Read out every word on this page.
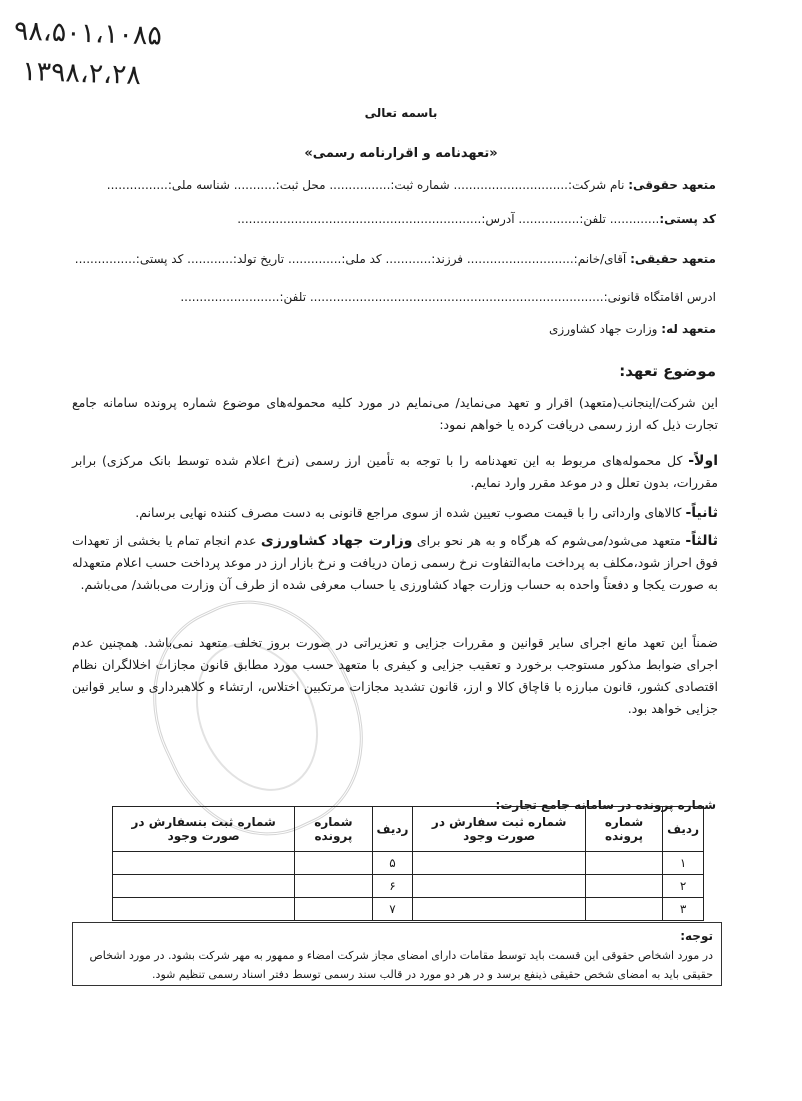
۹۸،۵۰۱،۱۰۸۵
۱۳۹۸،۲،۲۸
باسمه تعالی
«تعهدنامه و اقرارنامه رسمی»
متعهد حقوقی: نام شرکت:.............................. شماره ثبت:................ محل ثبت:........... شناسه ملی:................
کد پستی:............. تلفن:................ آدرس:................................................................
متعهد حقیقی: آقای/خانم:............................ فرزند:............ کد ملی:.............. تاریخ تولد:............ کد پستی:................
ادرس اقامتگاه قانونی:............................................................................. تلفن:..........................
متعهد له: وزارت جهاد کشاورزی
موضوع تعهد:

این شرکت/اینجانب(متعهد) اقرار و تعهد می‌نماید/ می‌نمایم در مورد کلیه محموله‌های موضوع شماره پرونده سامانه جامع تجارت ذیل که ارز رسمی دریافت کرده یا خواهم نمود:

اولاً- کل محموله‌های مربوط به این تعهدنامه را با توجه به تأمین ارز رسمی (نرخ اعلام شده توسط بانک مرکزی) برابر مقررات، بدون تعلل و در موعد مقرر وارد نمایم.

ثانیاً- کالاهای وارداتی را با قیمت مصوب تعیین شده از سوی مراجع قانونی به دست مصرف کننده نهایی برسانم.

ثالثاً- متعهد می‌شود/می‌شوم که هرگاه و به هر نحو برای وزارت جهاد کشاورزی عدم انجام تمام یا بخشی از تعهدات فوق احراز شود،مکلف به پرداخت مابه‌التفاوت نرخ رسمی زمان دریافت و نرخ بازار ارز در موعد پرداخت حسب اعلام متعهدله به صورت یکجا و دفعتاً واحده به حساب وزارت جهاد کشاورزی یا حساب معرفی شده از طرف آن وزارت می‌باشد/ می‌باشم.

ضمناً این تعهد مانع اجرای سایر قوانین و مقررات جزایی و تعزیراتی در صورت بروز تخلف متعهد نمی‌باشد. همچنین عدم اجرای ضوابط مذکور مستوجب برخورد و تعقیب جزایی و کیفری با متعهد حسب مورد مطابق قانون مجازات اخلالگران نظام اقتصادی کشور، قانون مبارزه با قاچاق کالا و ارز، قانون تشدید مجازات مرتکبین اختلاس، ارتشاء و کلاهبرداری و سایر قوانین جزایی خواهد بود.

شماره پرونده در سامانه جامع تجارت:
ردیف	شماره پرونده	شماره ثبت سفارش در صورت وجود	ردیف	شماره پرونده	شماره ثبت بنسفارش در صورت وجود
۱			۵		
۲			۶		
۳			۷		
توجه:
در مورد اشخاص حقوقی این قسمت باید توسط مقامات دارای امضای مجاز شرکت امضاء و ممهور به مهر شرکت بشود. در مورد اشخاص
حقیقی باید به امضای شخص حقیقی ذینفع برسد و در هر دو مورد در قالب سند رسمی توسط دفتر اسناد رسمی تنظیم شود.
